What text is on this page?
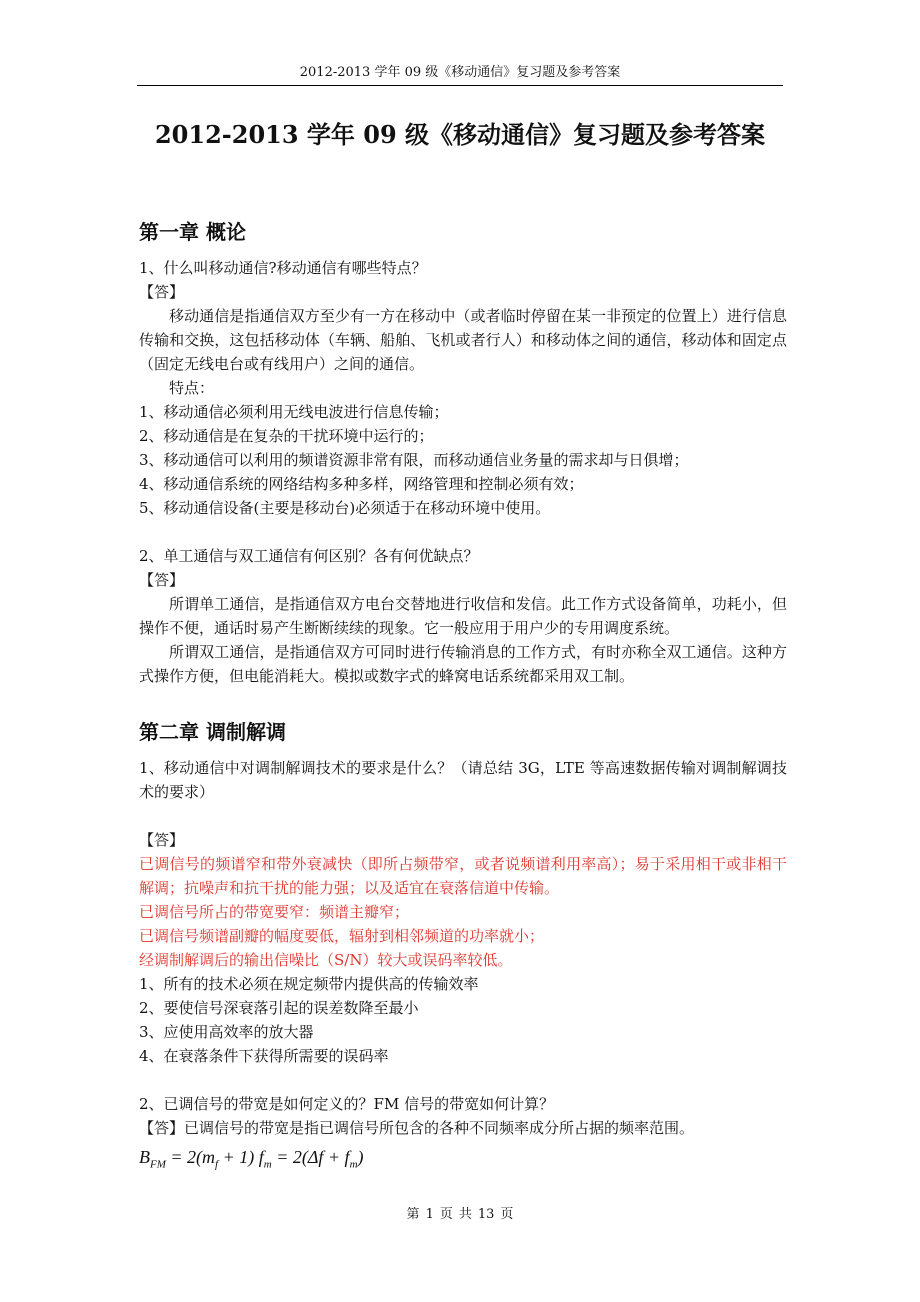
2012-2013 学年 09 级《移动通信》复习题及参考答案
2012-2013 学年 09 级《移动通信》复习题及参考答案
第一章 概论

1、什么叫移动通信?移动通信有哪些特点？

【答】

移动通信是指通信双方至少有一方在移动中（或者临时停留在某一非预定的位置上）进行信息传输和交换，这包括移动体（车辆、船舶、飞机或者行人）和移动体之间的通信，移动体和固定点（固定无线电台或有线用户）之间的通信。

特点：

1、移动通信必须利用无线电波进行信息传输；

2、移动通信是在复杂的干扰环境中运行的；

3、移动通信可以利用的频谱资源非常有限，而移动通信业务量的需求却与日俱增；

4、移动通信系统的网络结构多种多样，网络管理和控制必须有效；

5、移动通信设备(主要是移动台)必须适于在移动环境中使用。

2、单工通信与双工通信有何区别？各有何优缺点？

【答】

所谓单工通信，是指通信双方电台交替地进行收信和发信。此工作方式设备简单，功耗小，但操作不便，通话时易产生断断续续的现象。它一般应用于用户少的专用调度系统。

所谓双工通信，是指通信双方可同时进行传输消息的工作方式，有时亦称全双工通信。这种方式操作方便，但电能消耗大。模拟或数字式的蜂窝电话系统都采用双工制。

第二章 调制解调

1、移动通信中对调制解调技术的要求是什么？（请总结 3G，LTE 等高速数据传输对调制解调技术的要求）

【答】

已调信号的频谱窄和带外衰减快（即所占频带窄，或者说频谱利用率高）；易于采用相干或非相干解调；抗噪声和抗干扰的能力强；以及适宜在衰落信道中传输。

已调信号所占的带宽要窄：频谱主瓣窄；

已调信号频谱副瓣的幅度要低，辐射到相邻频道的功率就小；

经调制解调后的输出信噪比（S/N）较大或误码率较低。

1、所有的技术必须在规定频带内提供高的传输效率

2、要使信号深衰落引起的误差数降至最小

3、应使用高效率的放大器

4、在衰落条件下获得所需要的误码率

2、已调信号的带宽是如何定义的？FM 信号的带宽如何计算？

【答】已调信号的带宽是指已调信号所包含的各种不同频率成分所占据的频率范围。

$B_{FM} = 2(m_f + 1) f_m = 2(\Delta f + f_m)$
第 1 页 共 13 页
